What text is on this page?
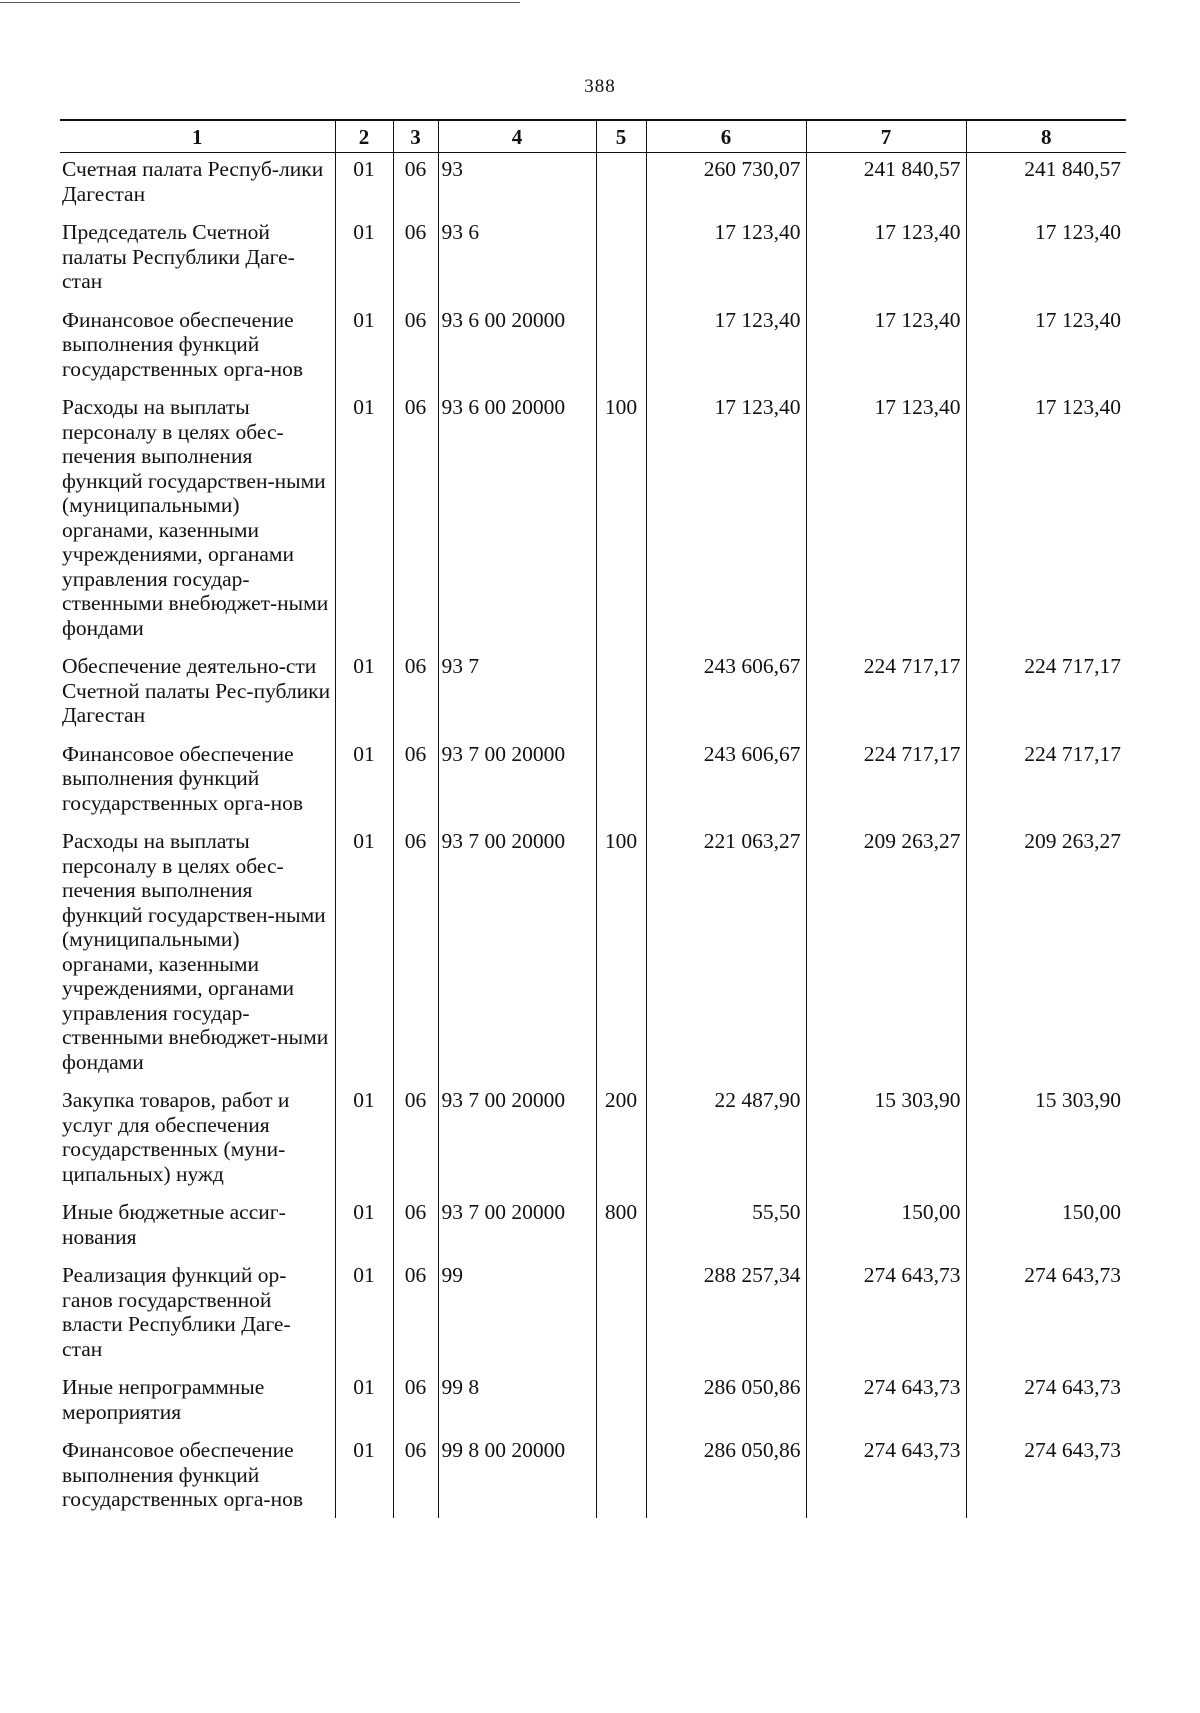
388
1	2	3	4	5	6	7	8
Счетная палата Респуб-лики Дагестан	01	06	93		260 730,07	241 840,57	241 840,57
Председатель Счетной палаты Республики Даге-стан	01	06	93 6		17 123,40	17 123,40	17 123,40
Финансовое обеспечение выполнения функций государственных орга-нов	01	06	93 6 00 20000		17 123,40	17 123,40	17 123,40
Расходы на выплаты персоналу в целях обес-печения выполнения функций государствен-ными (муниципальными) органами, казенными учреждениями, органами управления государ-ственными внебюджет-ными фондами	01	06	93 6 00 20000	100	17 123,40	17 123,40	17 123,40
Обеспечение деятельно-сти Счетной палаты Рес-публики Дагестан	01	06	93 7		243 606,67	224 717,17	224 717,17
Финансовое обеспечение выполнения функций государственных орга-нов	01	06	93 7 00 20000		243 606,67	224 717,17	224 717,17
Расходы на выплаты персоналу в целях обес-печения выполнения функций государствен-ными (муниципальными) органами, казенными учреждениями, органами управления государ-ственными внебюджет-ными фондами	01	06	93 7 00 20000	100	221 063,27	209 263,27	209 263,27
Закупка товаров, работ и услуг для обеспечения государственных (муни-ципальных) нужд	01	06	93 7 00 20000	200	22 487,90	15 303,90	15 303,90
Иные бюджетные ассиг-нования	01	06	93 7 00 20000	800	55,50	150,00	150,00
Реализация функций ор-ганов государственной власти Республики Даге-стан	01	06	99		288 257,34	274 643,73	274 643,73
Иные непрограммные мероприятия	01	06	99 8		286 050,86	274 643,73	274 643,73
Финансовое обеспечение выполнения функций государственных орга-нов	01	06	99 8 00 20000		286 050,86	274 643,73	274 643,73
